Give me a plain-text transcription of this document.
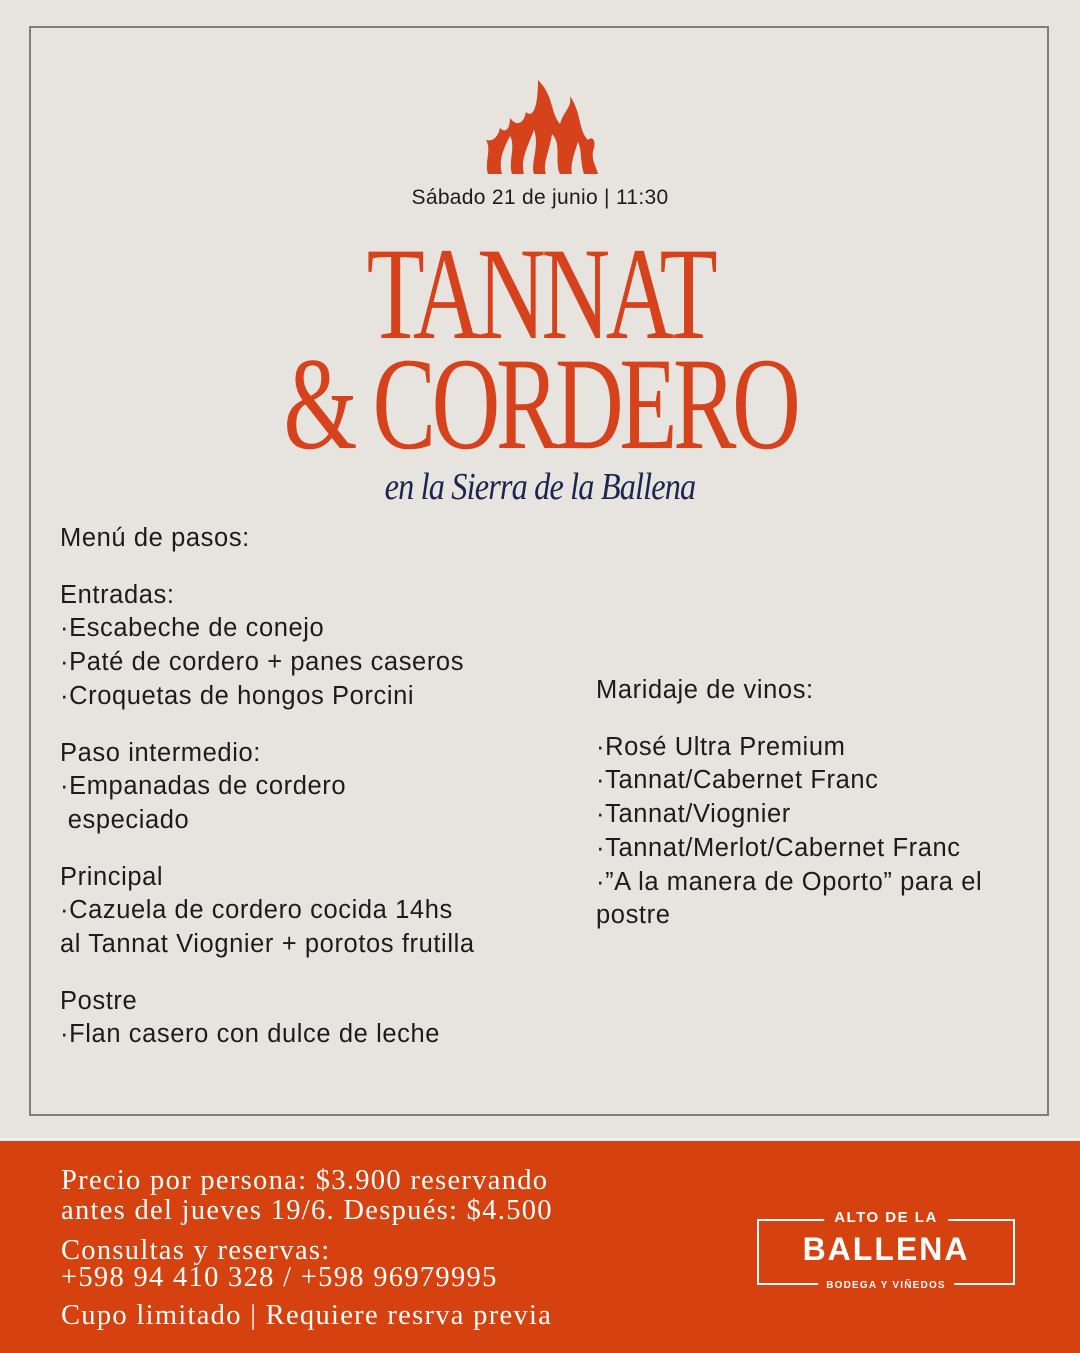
Sábado 21 de junio | 11:30
TANNAT
& CORDERO
en la Sierra de la Ballena
Menú de pasos:
Entradas:
·Escabeche de conejo
·Paté de cordero + panes caseros
·Croquetas de hongos Porcini
Paso intermedio:
·Empanadas de cordero
especiado
Principal
·Cazuela de cordero cocida 14hs
al Tannat Viognier + porotos frutilla
Postre
·Flan casero con dulce de leche
Maridaje de vinos:
·Rosé Ultra Premium
·Tannat/Cabernet Franc
·Tannat/Viognier
·Tannat/Merlot/Cabernet Franc
·”A la manera de Oporto” para el postre
Precio por persona: $3.900 reservando
antes del jueves 19/6. Después: $4.500
Consultas y reservas:
+598 94 410 328 / +598 96979995
Cupo limitado | Requiere resrva previa
ALTO DE LA
BALLENA
BODEGA Y VIÑEDOS
